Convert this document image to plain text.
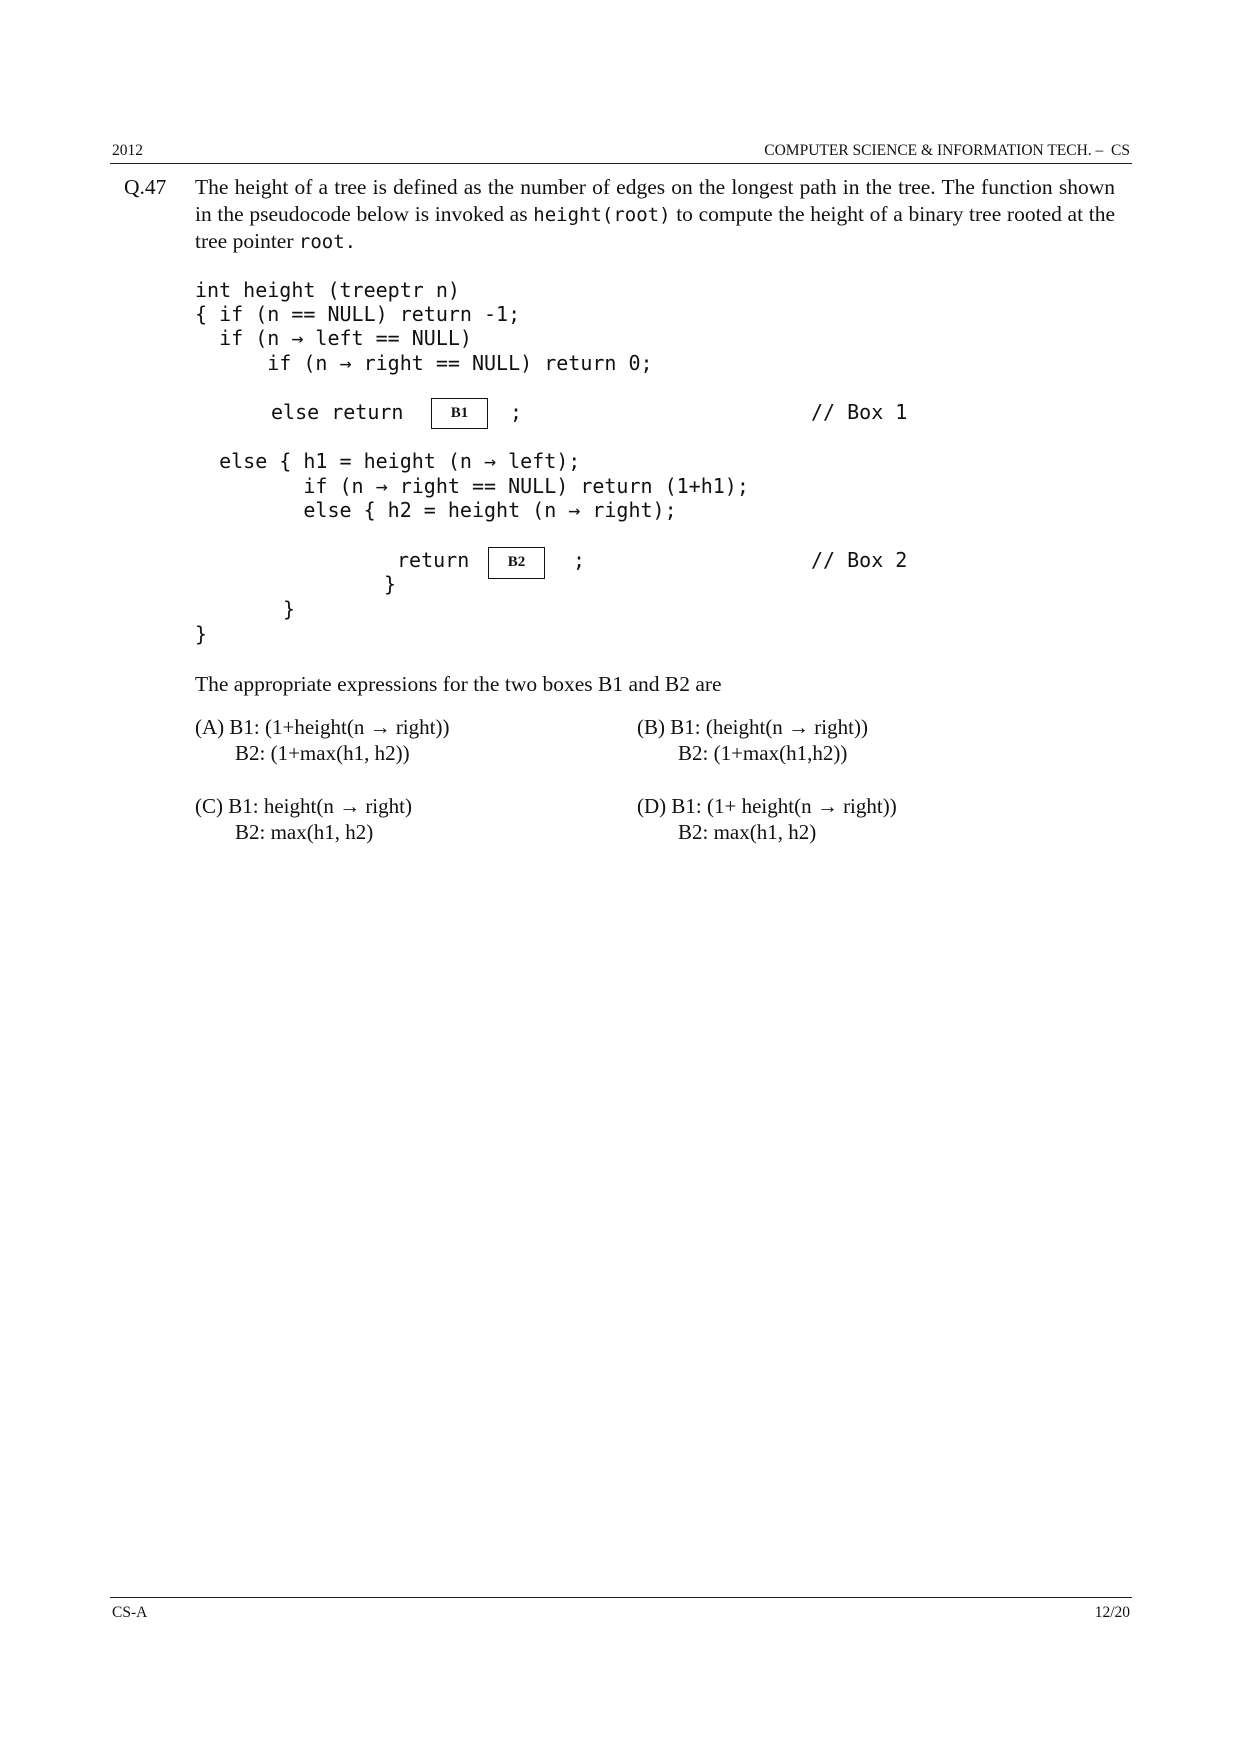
2012	COMPUTER SCIENCE & INFORMATION TECH. –  CS
Q.47 The height of a tree is defined as the number of edges on the longest path in the tree. The function shown in the pseudocode below is invoked as height(root) to compute the height of a binary tree rooted at the tree pointer root.
int height (treeptr n)
{ if (n == NULL) return -1;
if (n → left == NULL)
if (n → right == NULL) return 0;
else return	B1	;	// Box 1
else { h1 = height (n → left);
if (n → right == NULL) return (1+h1);
else { h2 = height (n → right);
return	B2	;	// Box 2
}
}
}
The appropriate expressions for the two boxes B1 and B2 are
(A) B1: (1+height(n → right))
B2: (1+max(h1, h2))
(B) B1: (height(n → right))
B2: (1+max(h1,h2))
(C) B1: height(n → right)
B2: max(h1, h2)
(D) B1: (1+ height(n → right))
B2: max(h1, h2)
CS-A	12/20
